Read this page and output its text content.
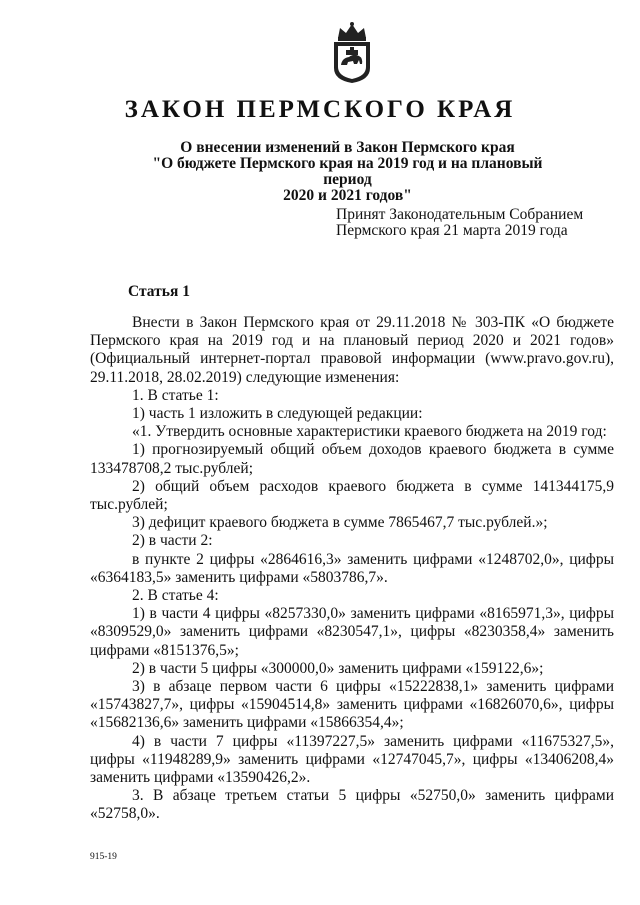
ЗАКОН ПЕРМСКОГО КРАЯ
О внесении изменений в Закон Пермского края
"О бюджете Пермского края на 2019 год и на плановый период
2020 и 2021 годов"
Принят Законодательным Собранием
Пермского края 21 марта 2019 года
Статья 1

Внести в Закон Пермского края от 29.11.2018 № 303-ПК «О бюджете Пермского края на 2019 год и на плановый период 2020 и 2021 годов» (Официальный интернет-портал правовой информации (www.pravo.gov.ru), 29.11.2018, 28.02.2019) следующие изменения:

1. В статье 1:

1) часть 1 изложить в следующей редакции:

«1. Утвердить основные характеристики краевого бюджета на 2019 год:

1) прогнозируемый общий объем доходов краевого бюджета в сумме 133478708,2 тыс.рублей;

2) общий объем расходов краевого бюджета в сумме 141344175,9 тыс.рублей;

3) дефицит краевого бюджета в сумме 7865467,7 тыс.рублей.»;

2) в части 2:

в пункте 2 цифры «2864616,3» заменить цифрами «1248702,0», цифры «6364183,5» заменить цифрами «5803786,7».

2. В статье 4:

1) в части 4 цифры «8257330,0» заменить цифрами «8165971,3», цифры «8309529,0» заменить цифрами «8230547,1», цифры «8230358,4» заменить цифрами «8151376,5»;

2) в части 5 цифры «300000,0» заменить цифрами «159122,6»;

3) в абзаце первом части 6 цифры «15222838,1» заменить цифрами «15743827,7», цифры «15904514,8» заменить цифрами «16826070,6», цифры «15682136,6» заменить цифрами «15866354,4»;

4) в части 7 цифры «11397227,5» заменить цифрами «11675327,5», цифры «11948289,9» заменить цифрами «12747045,7», цифры «13406208,4» заменить цифрами «13590426,2».

3. В абзаце третьем статьи 5 цифры «52750,0» заменить цифрами «52758,0».

915-19
